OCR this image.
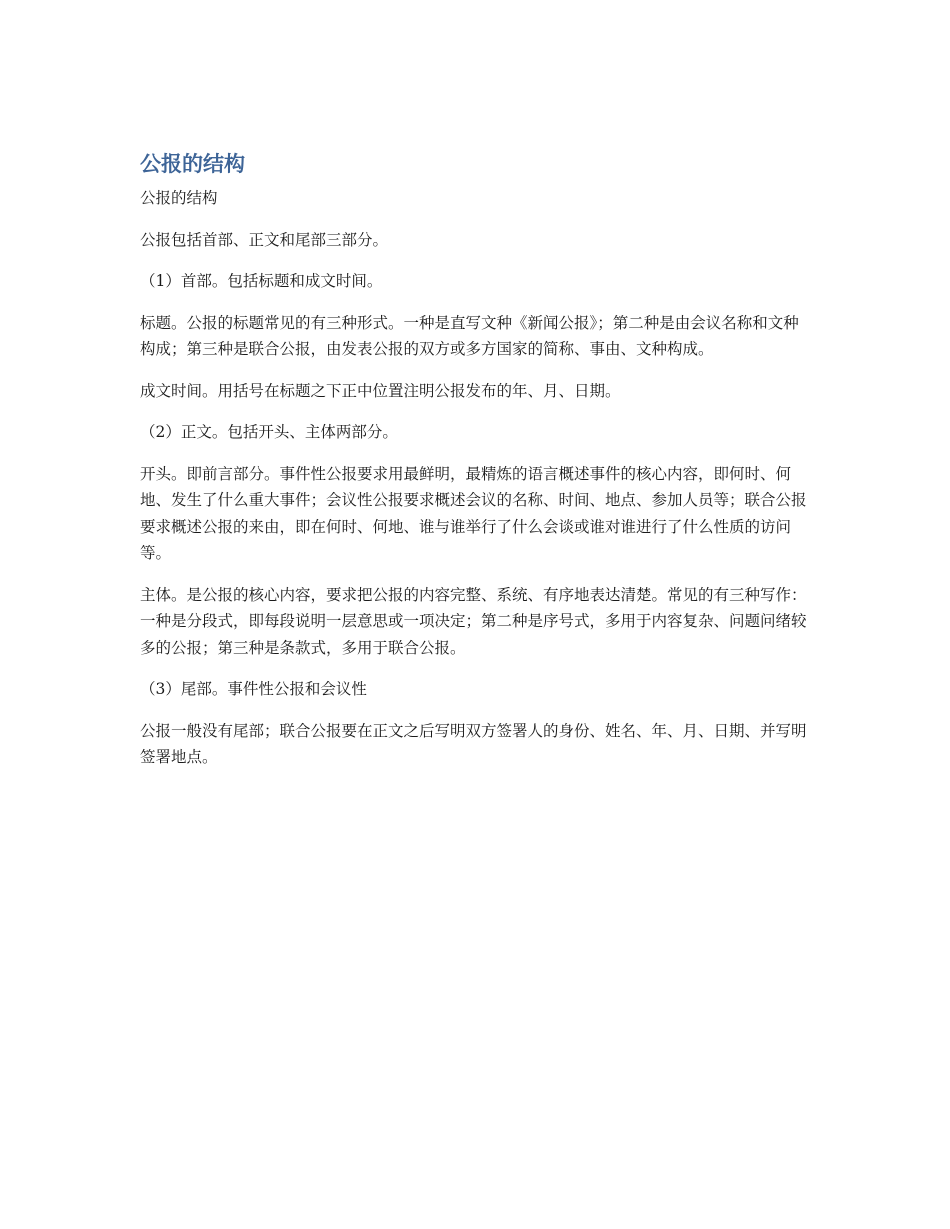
公报的结构

公报的结构

公报包括首部、正文和尾部三部分。

（1）首部。包括标题和成文时间。

标题。公报的标题常见的有三种形式。一种是直写文种《新闻公报》；第二种是由会议名称和文种构成；第三种是联合公报，由发表公报的双方或多方国家的简称、事由、文种构成。

成文时间。用括号在标题之下正中位置注明公报发布的年、月、日期。

（2）正文。包括开头、主体两部分。

开头。即前言部分。事件性公报要求用最鲜明，最精炼的语言概述事件的核心内容，即何时、何地、发生了什么重大事件；会议性公报要求概述会议的名称、时间、地点、参加人员等；联合公报要求概述公报的来由，即在何时、何地、谁与谁举行了什么会谈或谁对谁进行了什么性质的访问等。

主体。是公报的核心内容，要求把公报的内容完整、系统、有序地表达清楚。常见的有三种写作：一种是分段式，即每段说明一层意思或一项决定；第二种是序号式，多用于内容复杂、问题问绪较多的公报；第三种是条款式，多用于联合公报。

（3）尾部。事件性公报和会议性

公报一般没有尾部；联合公报要在正文之后写明双方签署人的身份、姓名、年、月、日期、并写明签署地点。
